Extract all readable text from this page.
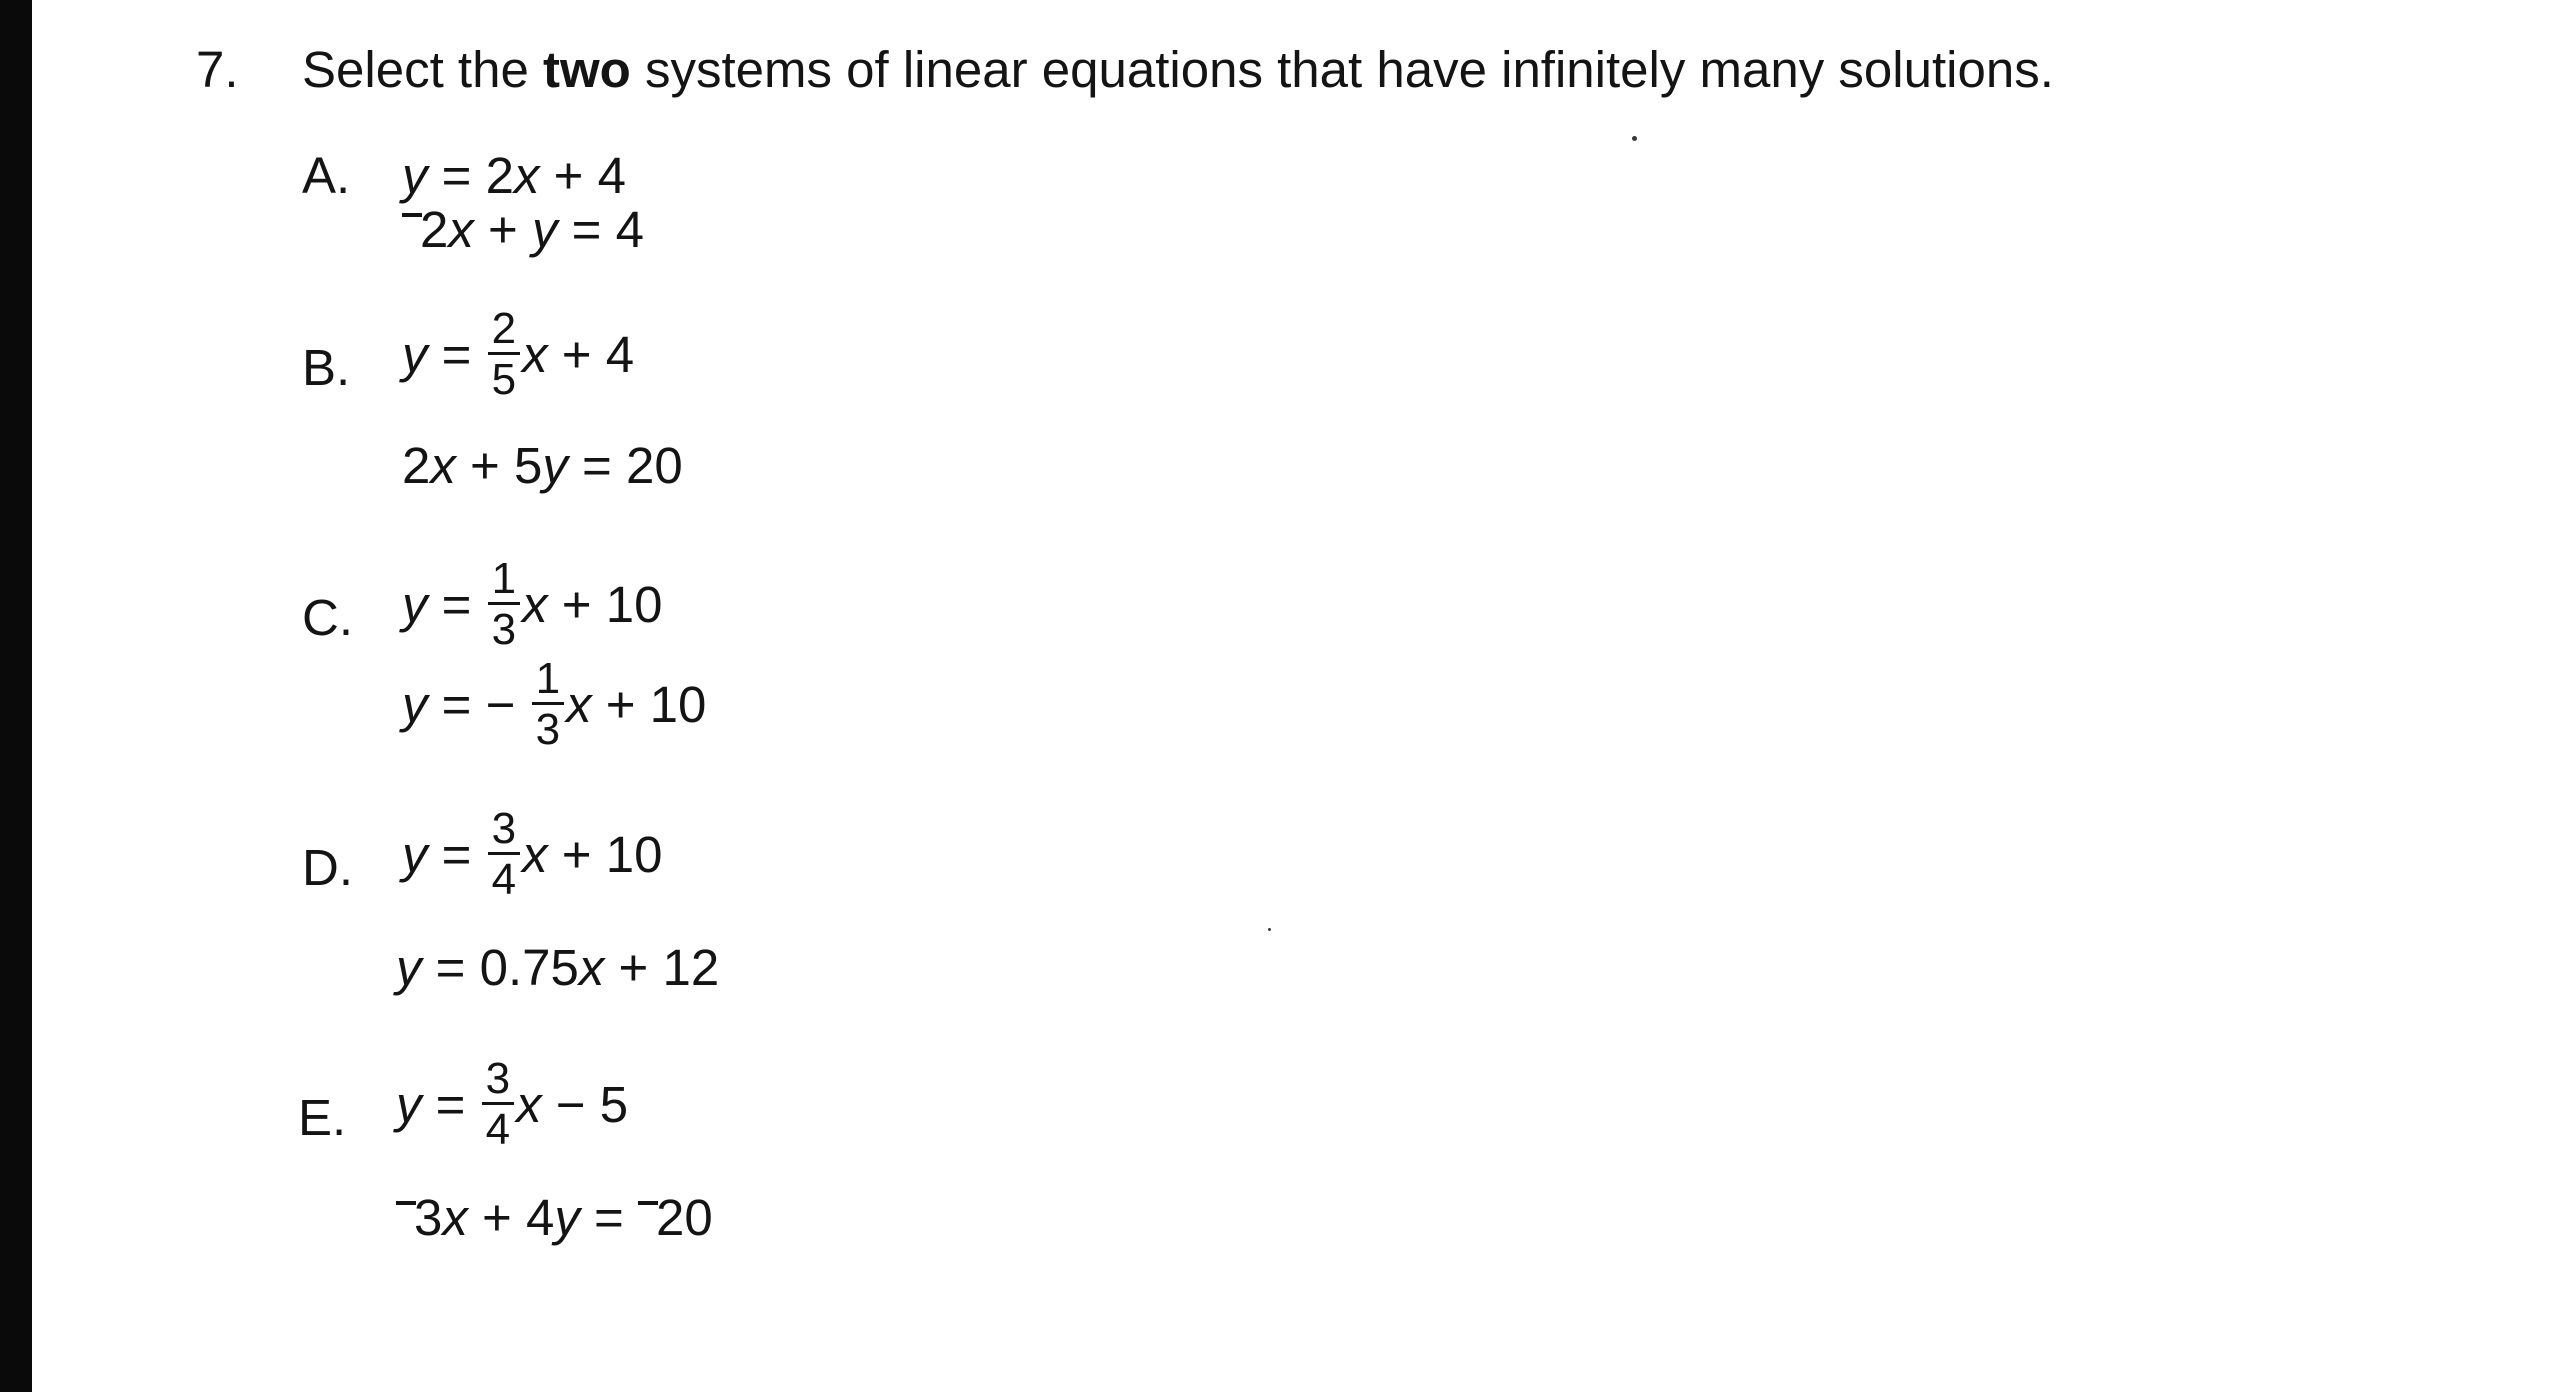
7. Select the two systems of linear equations that have infinitely many solutions.
A. y = 2x + 4
2x + y = 4
B. $y = \frac{2}{5}$ x + 4
2x + 5y = 20
C. $y = \frac{1}{3}$ x + 10
y = − $\frac{1}{3}$ x + 10
D. $y = \frac{3}{4}$ x + 10
y = 0.75x + 12
E. $y = \frac{3}{4}$ x − 5
3x + 4y = 20
